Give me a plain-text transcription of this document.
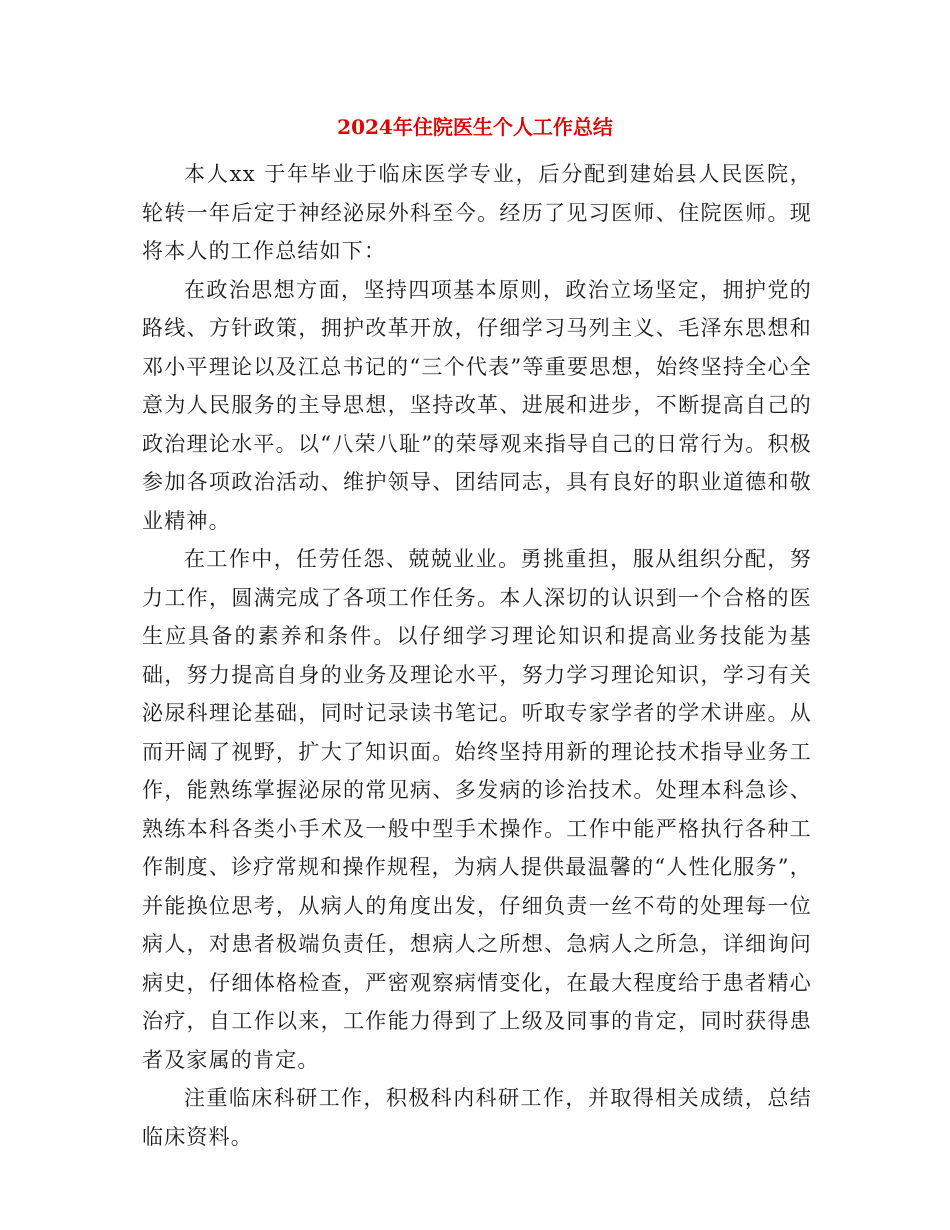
2024年住院医生个人工作总结

本人xx 于年毕业于临床医学专业，后分配到建始县人民医院，轮转一年后定于神经泌尿外科至今。经历了见习医师、住院医师。现将本人的工作总结如下：

在政治思想方面，坚持四项基本原则，政治立场坚定，拥护党的路线、方针政策，拥护改革开放，仔细学习马列主义、毛泽东思想和邓小平理论以及江总书记的“三个代表”等重要思想，始终坚持全心全意为人民服务的主导思想，坚持改革、进展和进步，不断提高自己的政治理论水平。以“八荣八耻”的荣辱观来指导自己的日常行为。积极参加各项政治活动、维护领导、团结同志，具有良好的职业道德和敬业精神。

在工作中，任劳任怨、兢兢业业。勇挑重担，服从组织分配，努力工作，圆满完成了各项工作任务。本人深切的认识到一个合格的医生应具备的素养和条件。以仔细学习理论知识和提高业务技能为基础，努力提高自身的业务及理论水平，努力学习理论知识，学习有关泌尿科理论基础，同时记录读书笔记。听取专家学者的学术讲座。从而开阔了视野，扩大了知识面。始终坚持用新的理论技术指导业务工作，能熟练掌握泌尿的常见病、多发病的诊治技术。处理本科急诊、熟练本科各类小手术及一般中型手术操作。工作中能严格执行各种工作制度、诊疗常规和操作规程，为病人提供最温馨的“人性化服务”，并能换位思考，从病人的角度出发，仔细负责一丝不苟的处理每一位病人，对患者极端负责任，想病人之所想、急病人之所急，详细询问病史，仔细体格检查，严密观察病情变化，在最大程度给于患者精心治疗，自工作以来，工作能力得到了上级及同事的肯定，同时获得患者及家属的肯定。

注重临床科研工作，积极科内科研工作，并取得相关成绩，总结临床资料。
